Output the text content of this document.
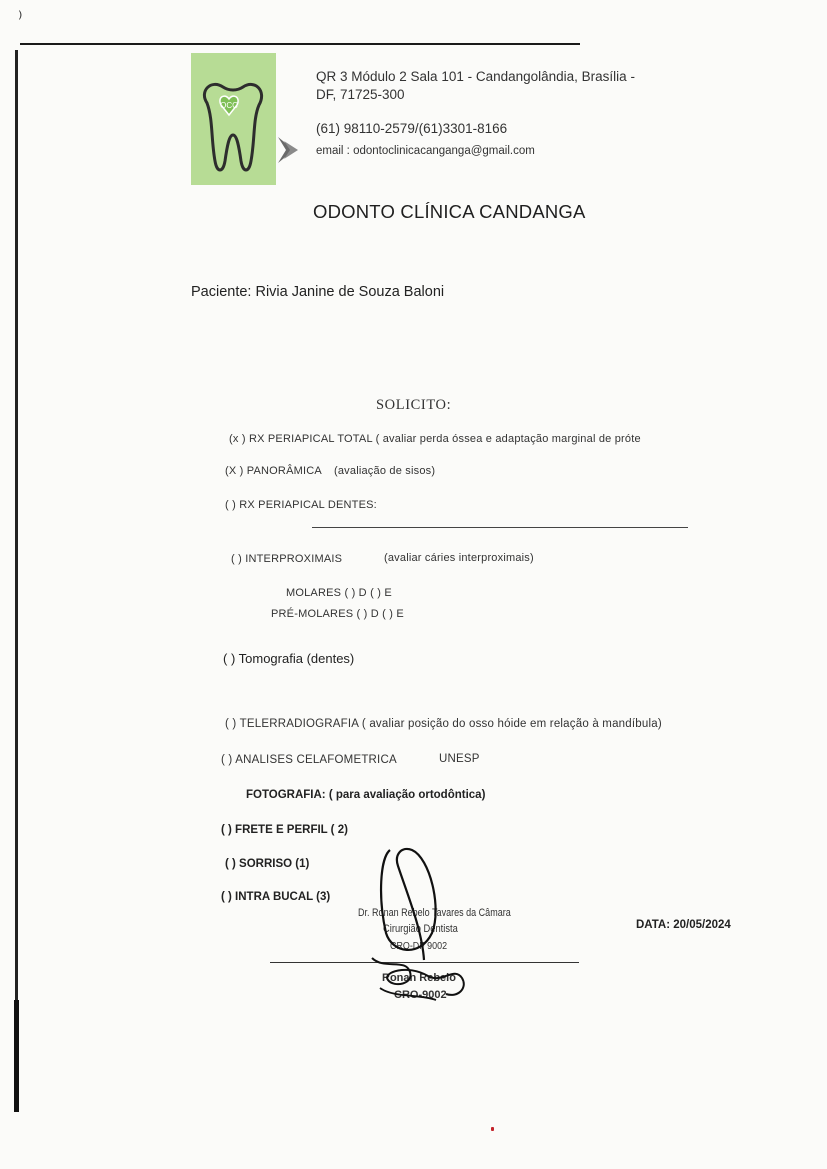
⁾
OCC
QR 3 Módulo 2 Sala 101 - Candangolândia, Brasília - DF, 71725-300
(61) 98110-2579/(61)3301-8166
email : odontoclinicacanganga@gmail.com
ODONTO CLÍNICA CANDANGA
Paciente: Rivia Janine de Souza Baloni
SOLICITO:
(x ) RX PERIAPICAL TOTAL ( avaliar perda óssea e adaptação marginal de próte
(X ) PANORÂMICA (avaliação de sisos)
( ) RX PERIAPICAL DENTES:
( ) INTERPROXIMAIS	(avaliar cáries interproximais)
MOLARES ( ) D ( ) E
PRÉ-MOLARES ( ) D ( ) E
( ) Tomografia (dentes)
( ) TELERRADIOGRAFIA ( avaliar posição do osso hóide em relação à mandíbula)
( ) ANALISES CELAFOMETRICA	UNESP
FOTOGRAFIA: ( para avaliação ortodôntica)
( ) FRETE E PERFIL ( 2)
( ) SORRISO (1)
( ) INTRA BUCAL (3)
Dr. Ronan Rebelo Tavares da Câmara
Cirurgião Dentista
CRO-DF 9002
Ronan Rebelo
CRO-9002
DATA: 20/05/2024
